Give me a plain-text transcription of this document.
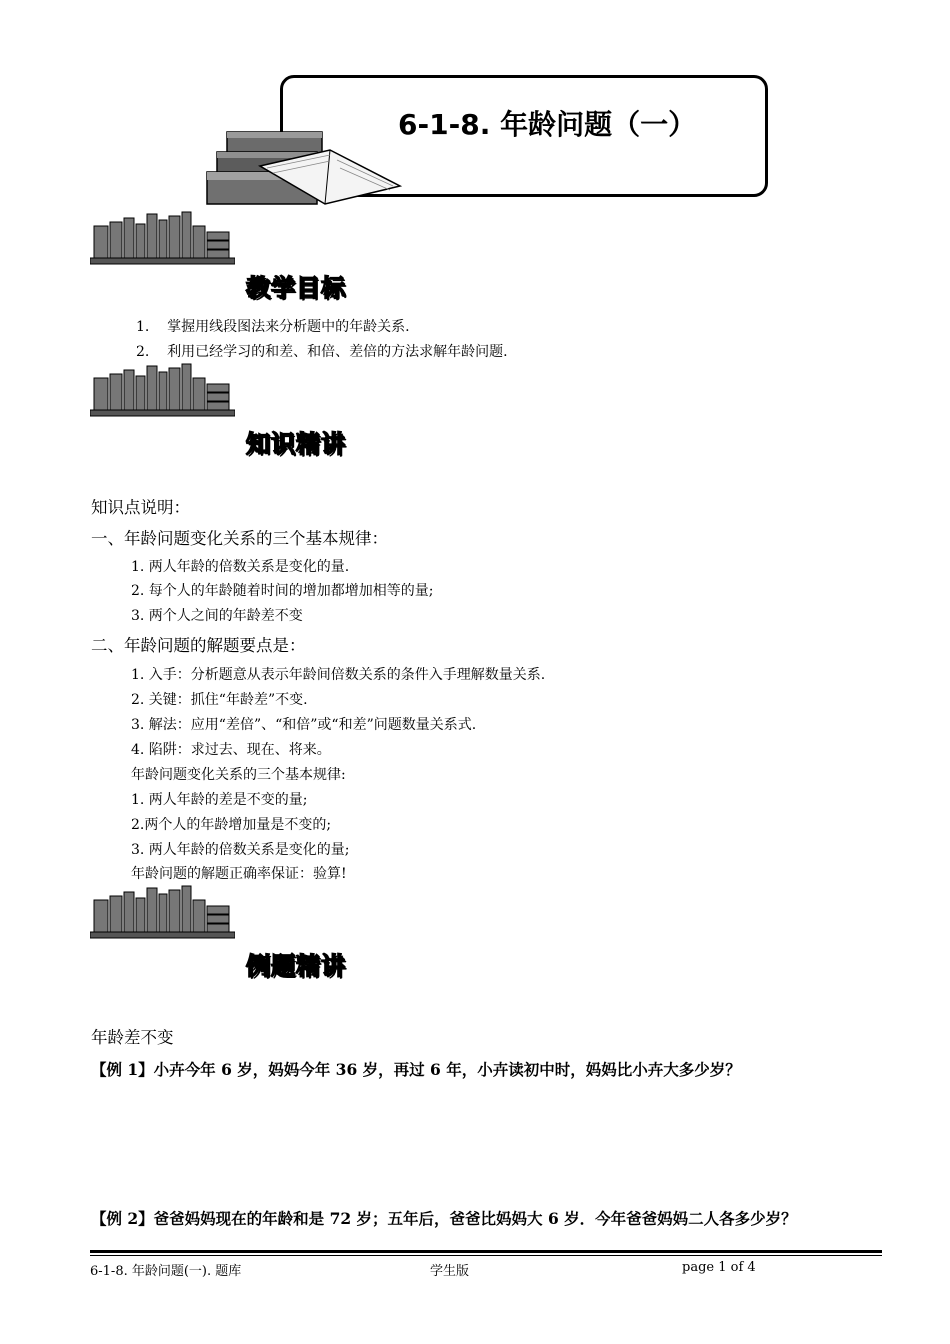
6-1-8. 年龄问题（一）
教学目标
1. 掌握用线段图法来分析题中的年龄关系.
2. 利用已经学习的和差、和倍、差倍的方法求解年龄问题.
知识精讲
知识点说明：
一、年龄问题变化关系的三个基本规律：
1. 两人年龄的倍数关系是变化的量.
2. 每个人的年龄随着时间的增加都增加相等的量;
3. 两个人之间的年龄差不变
二、年龄问题的解题要点是：
1. 入手：分析题意从表示年龄间倍数关系的条件入手理解数量关系.
2. 关键：抓住“年龄差”不变.
3. 解法：应用“差倍”、“和倍”或“和差”问题数量关系式.
4. 陷阱：求过去、现在、将来。
年龄问题变化关系的三个基本规律:
1. 两人年龄的差是不变的量;
2.两个人的年龄增加量是不变的;
3. 两人年龄的倍数关系是变化的量;
年龄问题的解题正确率保证：验算!
例题精讲
年龄差不变
【例 1】小卉今年 6 岁，妈妈今年 36 岁，再过 6 年，小卉读初中时，妈妈比小卉大多少岁？
【例 2】爸爸妈妈现在的年龄和是 72 岁；五年后，爸爸比妈妈大 6 岁．今年爸爸妈妈二人各多少岁？
6-1-8. 年龄问题(一). 题库	学生版	page 1 of 4
